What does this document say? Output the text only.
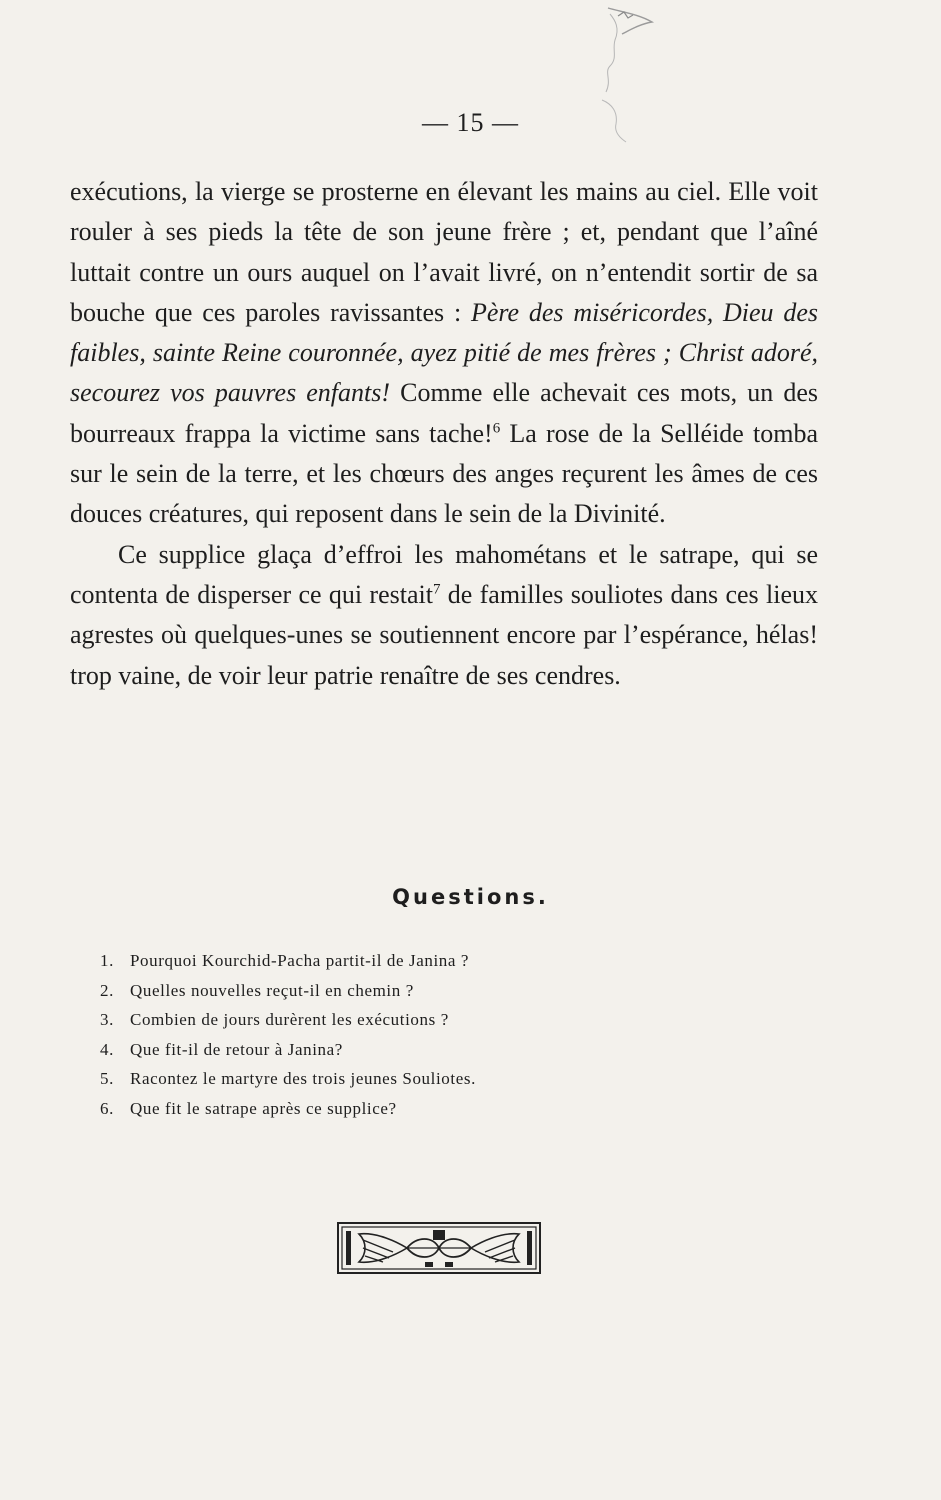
— 15 —

exécutions, la vierge se prosterne en élevant les mains au ciel. Elle voit rouler à ses pieds la tête de son jeune frère ; et, pendant que l’aîné luttait contre un ours auquel on l’avait livré, on n’entendit sortir de sa bouche que ces paroles ravissantes : Père des miséricordes, Dieu des faibles, sainte Reine couronnée, ayez pitié de mes frères ; Christ adoré, secourez vos pauvres enfants! Comme elle achevait ces mots, un des bourreaux frappa la victime sans tache!$^6$ La rose de la Selléide tomba sur le sein de la terre, et les chœurs des anges reçurent les âmes de ces douces créatures, qui reposent dans le sein de la Divinité.

Ce supplice glaça d’effroi les mahométans et le satrape, qui se contenta de disperser ce qui restait$^7$ de familles souliotes dans ces lieux agrestes où quelques-unes se soutiennent encore par l’espérance, hélas! trop vaine, de voir leur patrie renaître de ses cendres.

Questions.
1. Pourquoi Kourchid-Pacha partit-il de Janina ?
2. Quelles nouvelles reçut-il en chemin ?
3. Combien de jours durèrent les exécutions ?
4. Que fit-il de retour à Janina?
5. Racontez le martyre des trois jeunes Souliotes.
6. Que fit le satrape après ce supplice?
